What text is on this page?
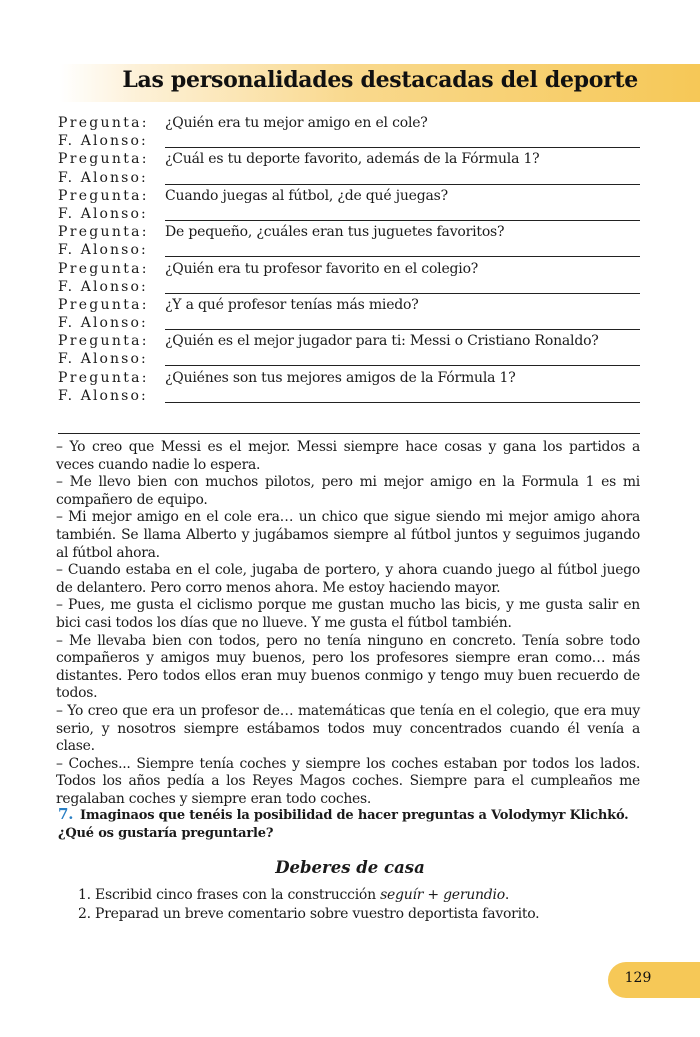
Las personalidades destacadas del deporte
Pregunta:	¿Quién era tu mejor amigo en el cole?
F. Alonso:
Pregunta:	¿Cuál es tu deporte favorito, además de la Fórmula 1?
F. Alonso:
Pregunta:	Cuando juegas al fútbol, ¿de qué juegas?
F. Alonso:
Pregunta:	De pequeño, ¿cuáles eran tus juguetes favoritos?
F. Alonso:
Pregunta:	¿Quién era tu profesor favorito en el colegio?
F. Alonso:
Pregunta:	¿Y a qué profesor tenías más miedo?
F. Alonso:
Pregunta:	¿Quién es el mejor jugador para ti: Messi o Cristiano Ronaldo?
F. Alonso:
Pregunta:	¿Quiénes son tus mejores amigos de la Fórmula 1?
F. Alonso:

– Yo creo que Messi es el mejor. Messi siempre hace cosas y gana los partidos a veces cuando nadie lo espera.

– Me llevo bien con muchos pilotos, pero mi mejor amigo en la Formula 1 es mi compañero de equipo.

– Mi mejor amigo en el cole era… un chico que sigue siendo mi mejor amigo ahora también. Se llama Alberto y jugábamos siempre al fútbol juntos y seguimos jugando al fútbol ahora.

– Cuando estaba en el cole, jugaba de portero, y ahora cuando juego al fútbol juego de delantero. Pero corro menos ahora. Me estoy haciendo mayor.

– Pues, me gusta el ciclismo porque me gustan mucho las bicis, y me gusta salir en bici casi todos los días que no llueve. Y me gusta el fútbol también.

– Me llevaba bien con todos, pero no tenía ninguno en concreto. Tenía sobre todo compañeros y amigos muy buenos, pero los profesores siempre eran como… más distantes. Pero todos ellos eran muy buenos conmigo y tengo muy buen recuerdo de todos.

– Yo creo que era un profesor de… matemáticas que tenía en el colegio, que era muy serio, y nosotros siempre estábamos todos muy concentrados cuando él venía a clase.

– Coches... Siempre tenía coches y siempre los coches estaban por todos los lados. Todos los años pedía a los Reyes Magos coches. Siempre para el cumpleaños me regalaban coches y siempre eran todo coches.

7. Imaginaos que tenéis la posibilidad de hacer preguntas a Volodymyr Klichkó. ¿Qué os gustaría preguntarle?
Deberes de casa
1. Escribid cinco frases con la construcción seguír + gerundio.
2. Preparad un breve comentario sobre vuestro deportista favorito.
129
